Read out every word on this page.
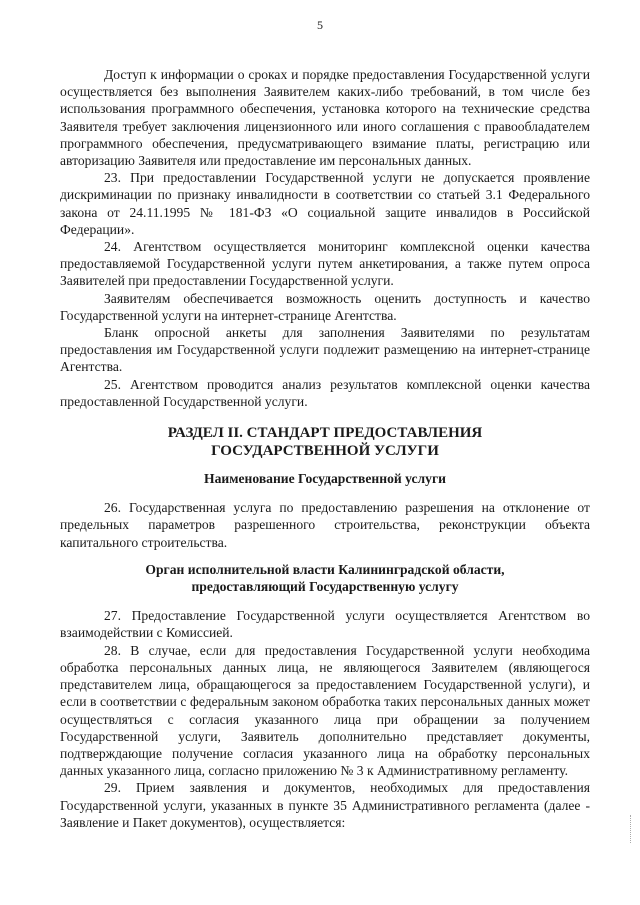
5

Доступ к информации о сроках и порядке предоставления Государственной услуги осуществляется без выполнения Заявителем каких-либо требований, в том числе без использования программного обеспечения, установка которого на технические средства Заявителя требует заключения лицензионного или иного соглашения с правообладателем программного обеспечения, предусматривающего взимание платы, регистрацию или авторизацию Заявителя или предоставление им персональных данных.

23. При предоставлении Государственной услуги не допускается проявление дискриминации по признаку инвалидности в соответствии со статьей 3.1 Федерального закона от 24.11.1995 № 181-ФЗ «О социальной защите инвалидов в Российской Федерации».

24. Агентством осуществляется мониторинг комплексной оценки качества предоставляемой Государственной услуги путем анкетирования, а также путем опроса Заявителей при предоставлении Государственной услуги.

Заявителям обеспечивается возможность оценить доступность и качество Государственной услуги на интернет-странице Агентства.

Бланк опросной анкеты для заполнения Заявителями по результатам предоставления им Государственной услуги подлежит размещению на интернет-странице Агентства.

25. Агентством проводится анализ результатов комплексной оценки качества предоставленной Государственной услуги.

РАЗДЕЛ II. СТАНДАРТ ПРЕДОСТАВЛЕНИЯ
ГОСУДАРСТВЕННОЙ УСЛУГИ
Наименование Государственной услуги

26. Государственная услуга по предоставлению разрешения на отклонение от предельных параметров разрешенного строительства, реконструкции объекта капитального строительства.

Орган исполнительной власти Калининградской области,
предоставляющий Государственную услугу

27. Предоставление Государственной услуги осуществляется Агентством во взаимодействии с Комиссией.

28. В случае, если для предоставления Государственной услуги необходима обработка персональных данных лица, не являющегося Заявителем (являющегося представителем лица, обращающегося за предоставлением Государственной услуги), и если в соответствии с федеральным законом обработка таких персональных данных может осуществляться с согласия указанного лица при обращении за получением Государственной услуги, Заявитель дополнительно представляет документы, подтверждающие получение согласия указанного лица на обработку персональных данных указанного лица, согласно приложению № 3 к Административному регламенту.

29. Прием заявления и документов, необходимых для предоставления Государственной услуги, указанных в пункте 35 Административного регламента (далее - Заявление и Пакет документов), осуществляется:
